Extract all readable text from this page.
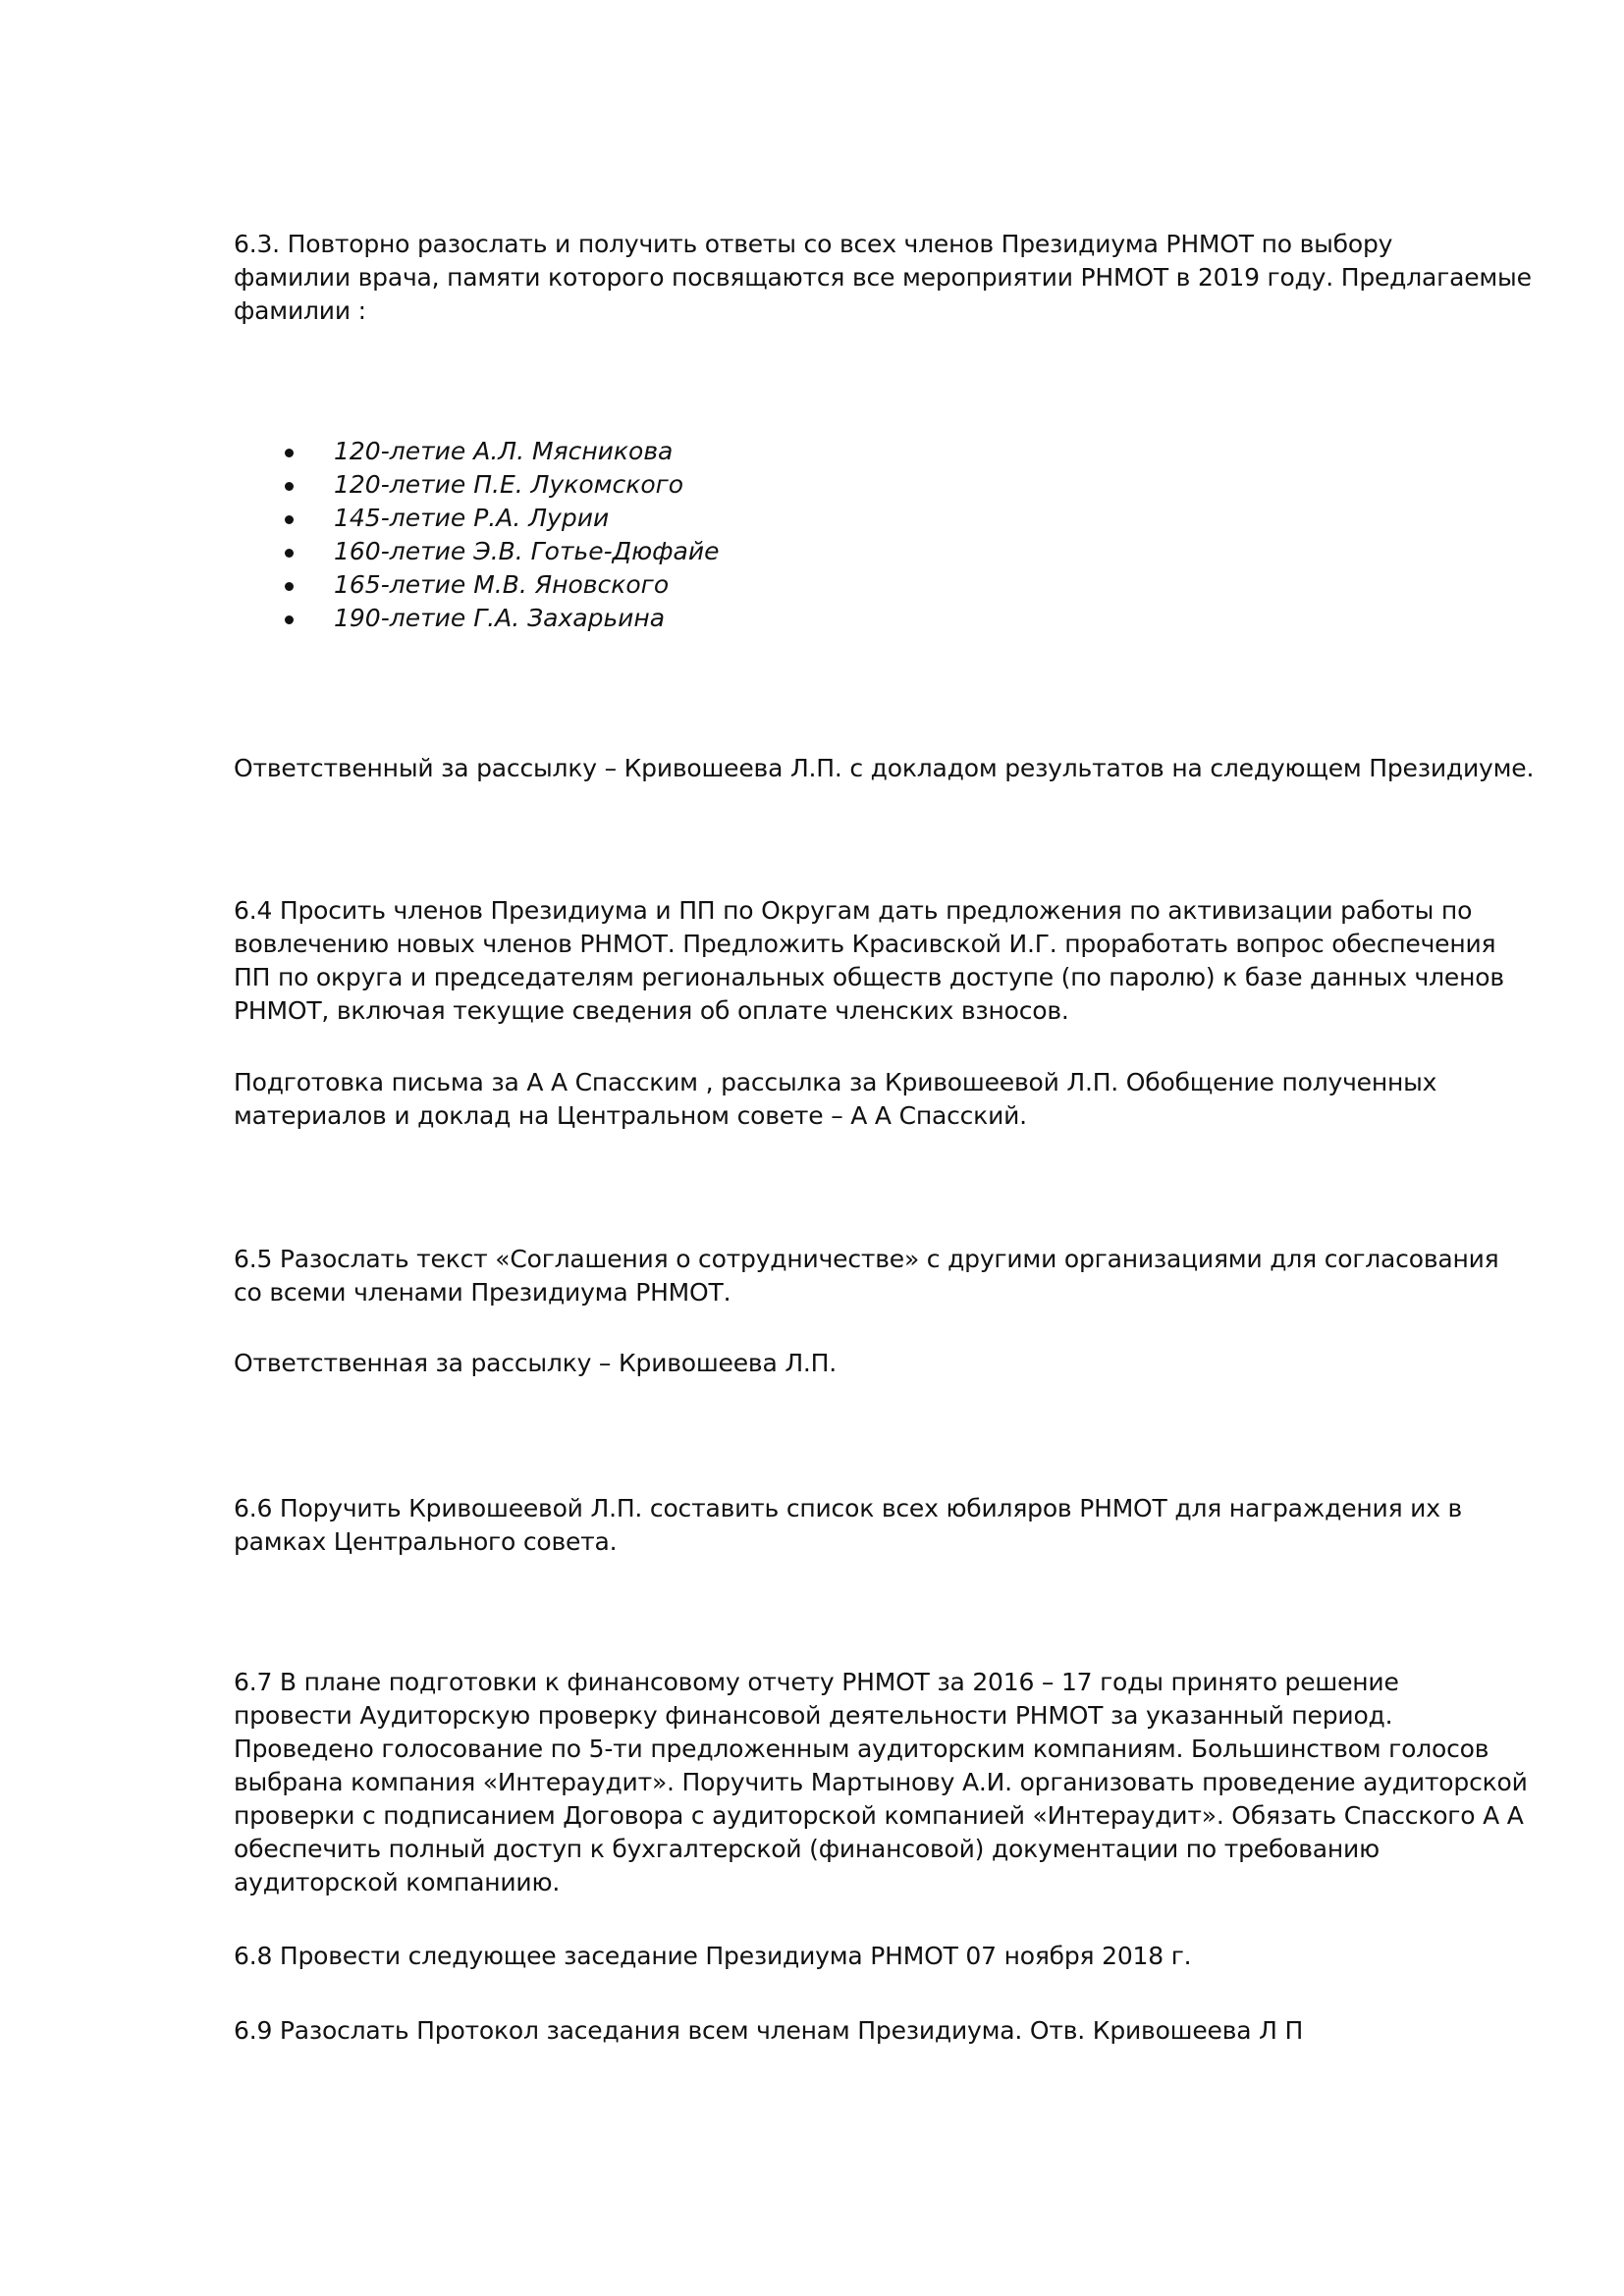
6.3. Повторно разослать и получить ответы со всех членов Президиума РНМОТ по выбору
фамилии врача, памяти которого посвящаются все мероприятии РНМОТ в 2019 году. Предлагаемые
фамилии :

120-летие А.Л. Мясникова
120-летие П.Е. Лукомского
145-летие Р.А. Лурии
160-летие Э.В. Готье-Дюфайе
165-летие М.В. Яновского
190-летие Г.А. Захарьина

Ответственный за рассылку – Кривошеева Л.П. с докладом результатов на следующем Президиуме.

6.4 Просить членов Президиума и ПП по Округам дать предложения по активизации работы по
вовлечению новых членов РНМОТ. Предложить Красивской И.Г. проработать вопрос обеспечения
ПП по округа и председателям региональных обществ доступе (по паролю) к базе данных членов
РНМОТ, включая текущие сведения об оплате членских взносов.

Подготовка письма за А А Спасским , рассылка за Кривошеевой Л.П. Обобщение полученных
материалов и доклад на Центральном совете – А А Спасский.

6.5 Разослать текст «Соглашения о сотрудничестве» с другими организациями для согласования
со всеми членами Президиума РНМОТ.

Ответственная за рассылку – Кривошеева Л.П.

6.6 Поручить Кривошеевой Л.П. составить список всех юбиляров РНМОТ для награждения их в
рамках Центрального совета.

6.7 В плане подготовки к финансовому отчету РНМОТ за 2016 – 17 годы принято решение
провести Аудиторскую проверку финансовой деятельности РНМОТ за указанный период.
Проведено голосование по 5-ти предложенным аудиторским компаниям. Большинством голосов
выбрана компания «Интераудит». Поручить Мартынову А.И. организовать проведение аудиторской
проверки с подписанием Договора с аудиторской компанией «Интераудит». Обязать Спасского А А
обеспечить полный доступ к бухгалтерской (финансовой) документации по требованию
аудиторской компаниию.

6.8 Провести следующее заседание Президиума РНМОТ 07 ноября 2018 г.

6.9 Разослать Протокол заседания всем членам Президиума. Отв. Кривошеева Л П
